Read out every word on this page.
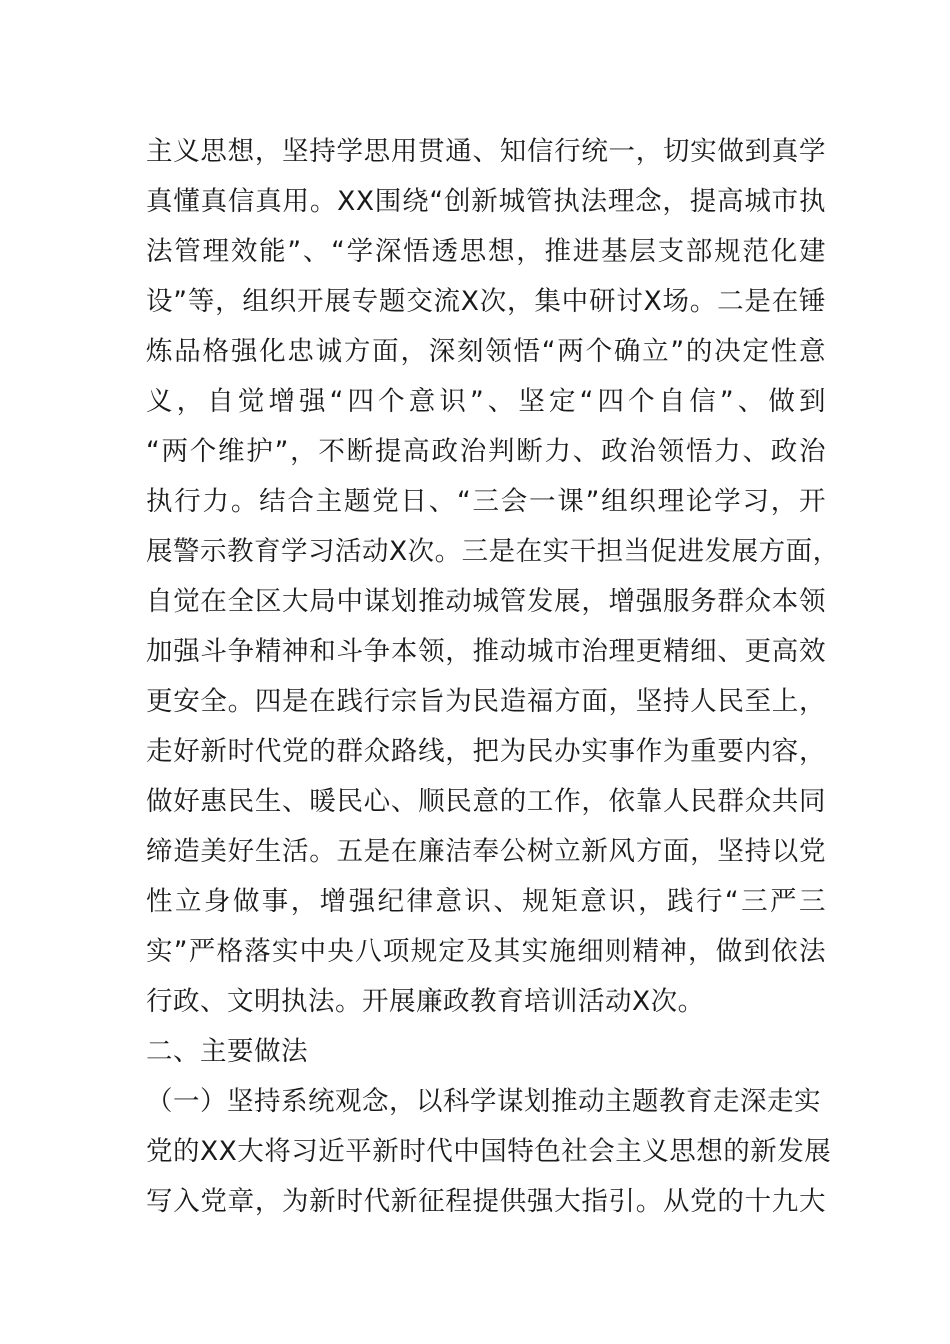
主义思想，坚持学思用贯通、知信行统一，切实做到真学
真懂真信真用。XX围绕“创新城管执法理念，提高城市执
法管理效能”、“学深悟透思想，推进基层支部规范化建
设”等，组织开展专题交流X次，集中研讨X场。二是在锤
炼品格强化忠诚方面，深刻领悟“两个确立”的决定性意
义，自觉增强“四个意识”、坚定“四个自信”、做到
“两个维护”，不断提高政治判断力、政治领悟力、政治
执行力。结合主题党日、“三会一课”组织理论学习，开
展警示教育学习活动X次。三是在实干担当促进发展方面，
自觉在全区大局中谋划推动城管发展，增强服务群众本领
加强斗争精神和斗争本领，推动城市治理更精细、更高效
更安全。四是在践行宗旨为民造福方面，坚持人民至上，
走好新时代党的群众路线，把为民办实事作为重要内容，
做好惠民生、暖民心、顺民意的工作，依靠人民群众共同
缔造美好生活。五是在廉洁奉公树立新风方面，坚持以党
性立身做事，增强纪律意识、规矩意识，践行“三严三
实”严格落实中央八项规定及其实施细则精神，做到依法
行政、文明执法。开展廉政教育培训活动X次。
二、主要做法
（一）坚持系统观念，以科学谋划推动主题教育走深走实
党的XX大将习近平新时代中国特色社会主义思想的新发展
写入党章，为新时代新征程提供强大指引。从党的十九大
